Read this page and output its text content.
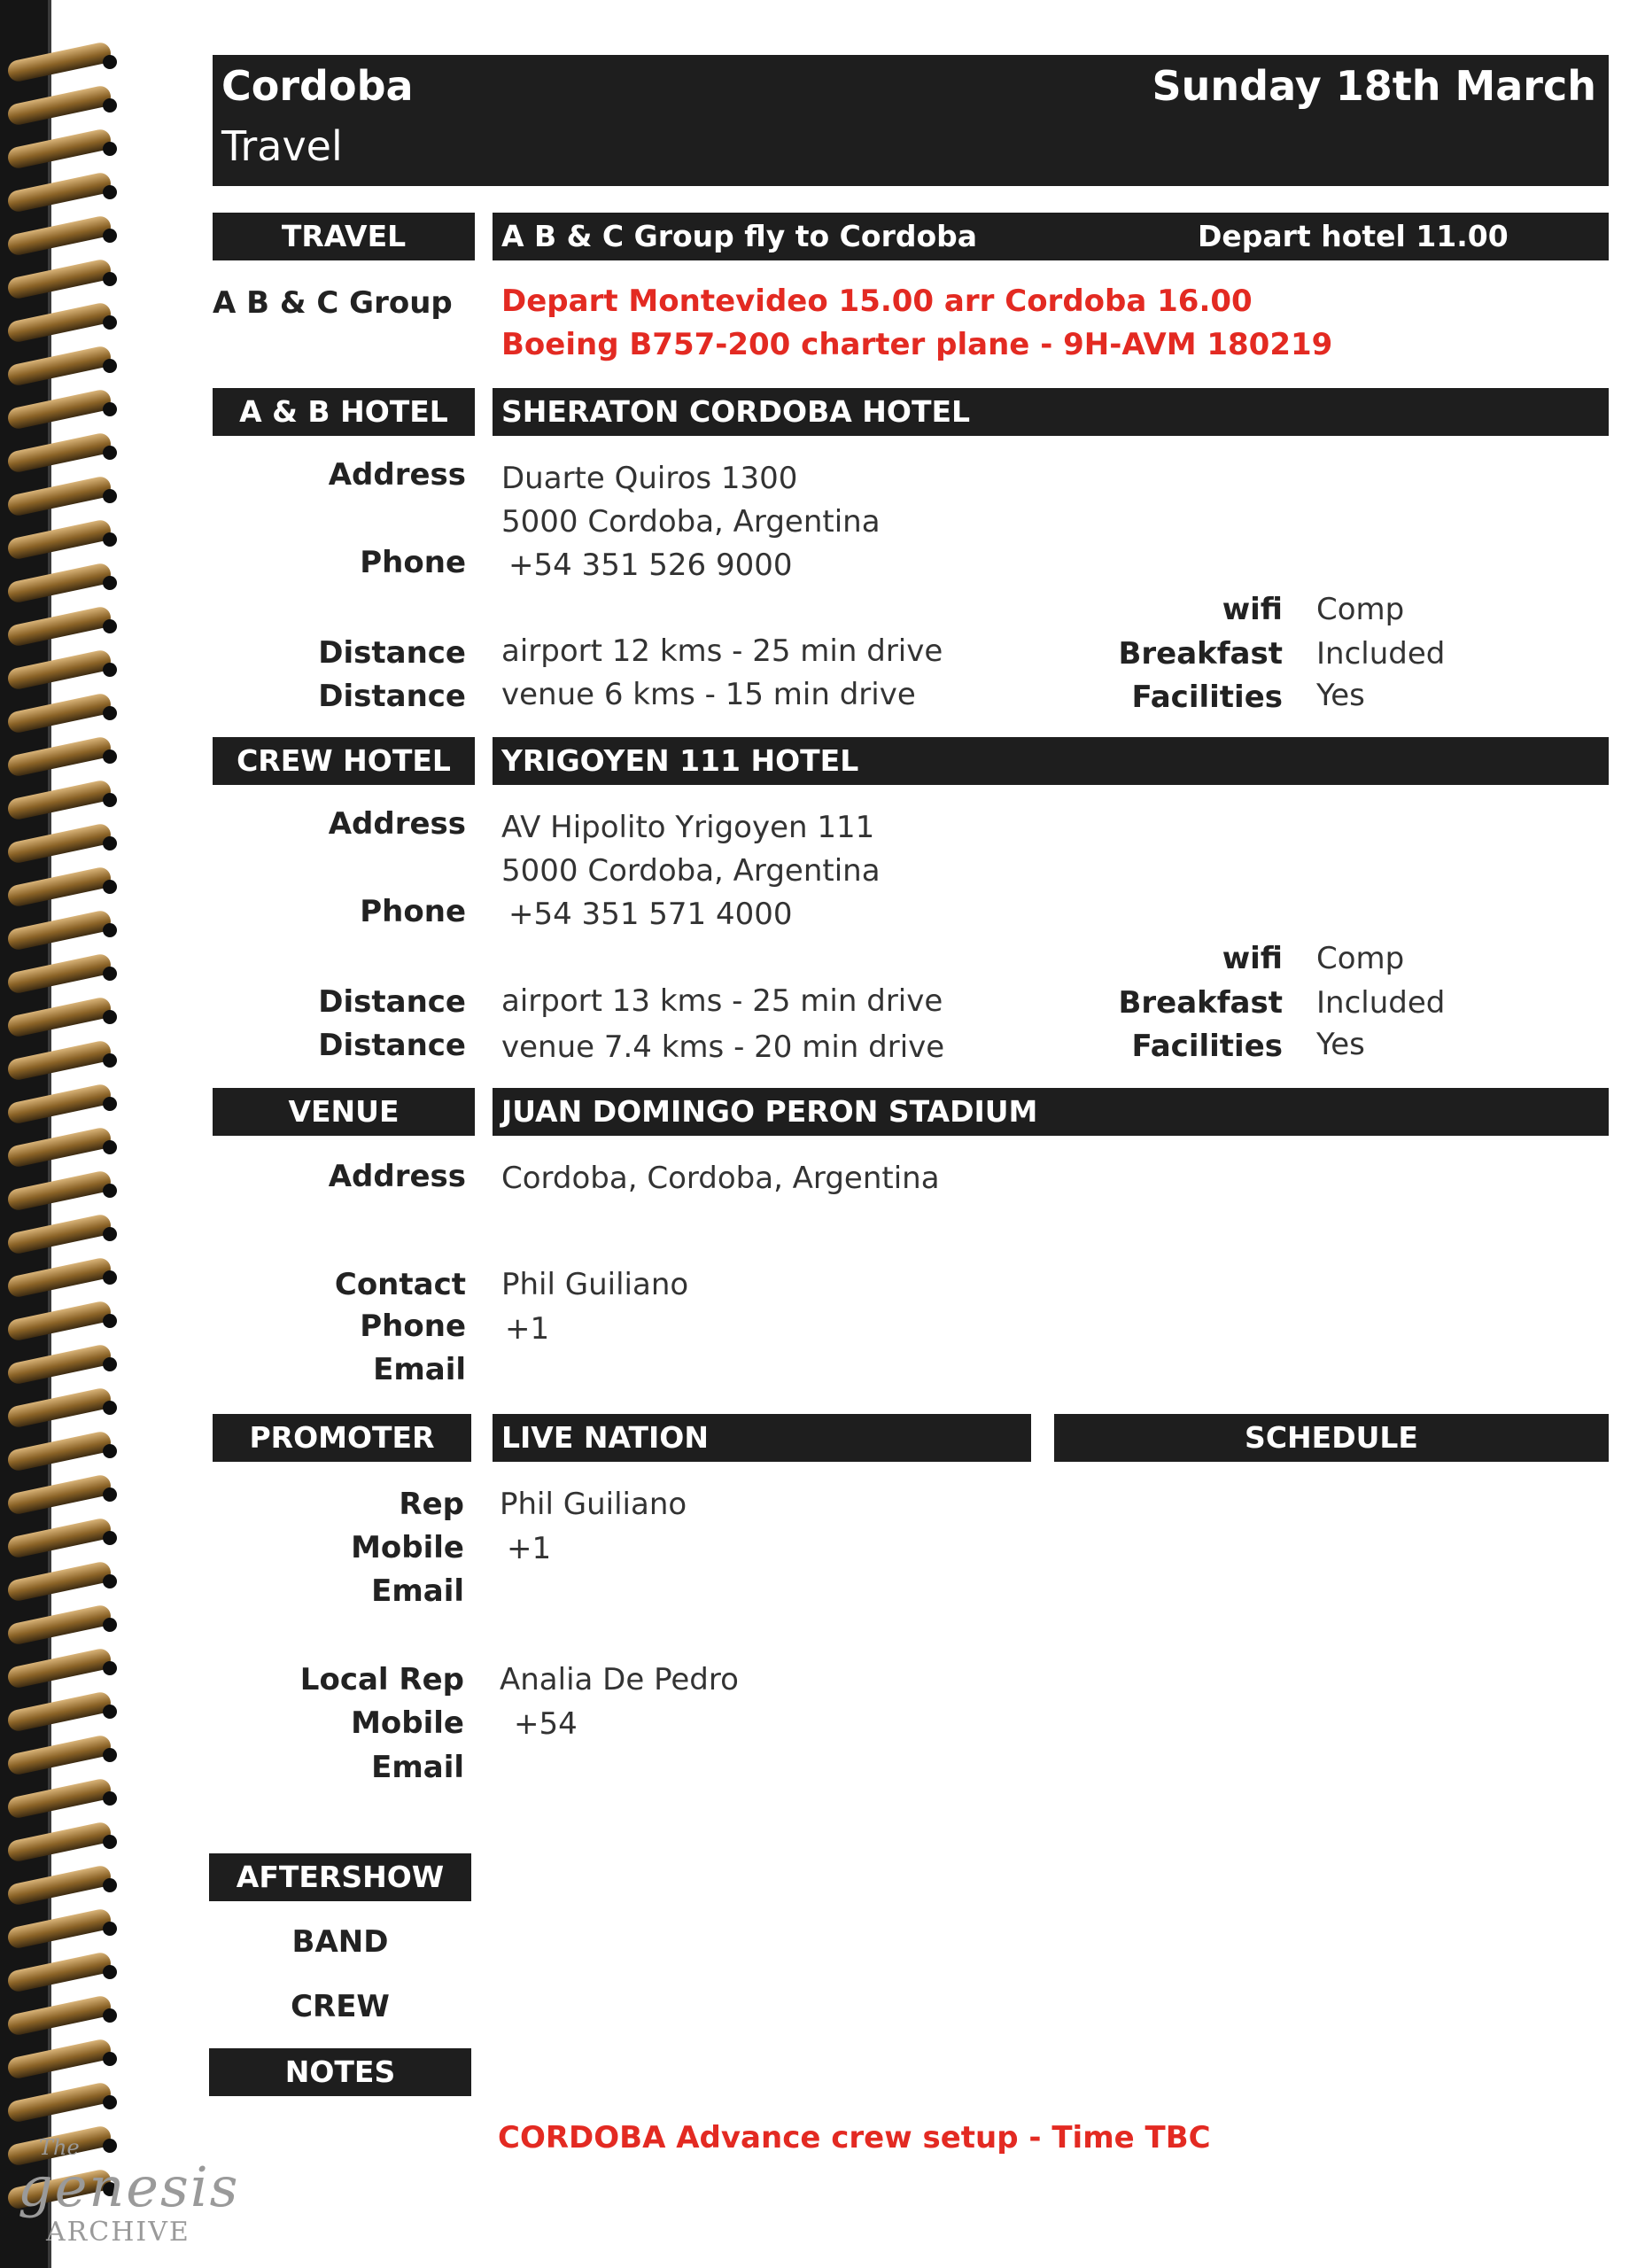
Cordoba
Travel
Sunday 18th March
TRAVEL	A B & C Group fly to Cordoba	Depart hotel 11.00
A B & C Group Depart Montevideo 15.00 arr Cordoba 16.00
Boeing B757-200 charter plane - 9H-AVM 180219
A & B HOTEL	SHERATON CORDOBA HOTEL
Address Duarte Quiros 1300
5000 Cordoba, Argentina
Phone +54 351 526 9000
wifi Comp
Distance airport 12 kms - 25 min drive	Breakfast Included
Distance venue 6 kms - 15 min drive	Facilities Yes
CREW HOTEL	YRIGOYEN 111 HOTEL
Address AV Hipolito Yrigoyen 111
5000 Cordoba, Argentina
Phone +54 351 571 4000
wifi Comp
Distance airport 13 kms - 25 min drive	Breakfast Included
Distance venue 7.4 kms - 20 min drive	Facilities Yes
VENUE	JUAN DOMINGO PERON STADIUM
Address Cordoba, Cordoba, Argentina
Contact Phil Guiliano
Phone +1
Email
PROMOTER	LIVE NATION	SCHEDULE
Rep Phil Guiliano
Mobile +1
Email
Local Rep Analia De Pedro
Mobile +54
Email
AFTERSHOW
BAND
CREW
NOTES
CORDOBA Advance crew setup - Time TBC
The
genesis
ARCHIVE
